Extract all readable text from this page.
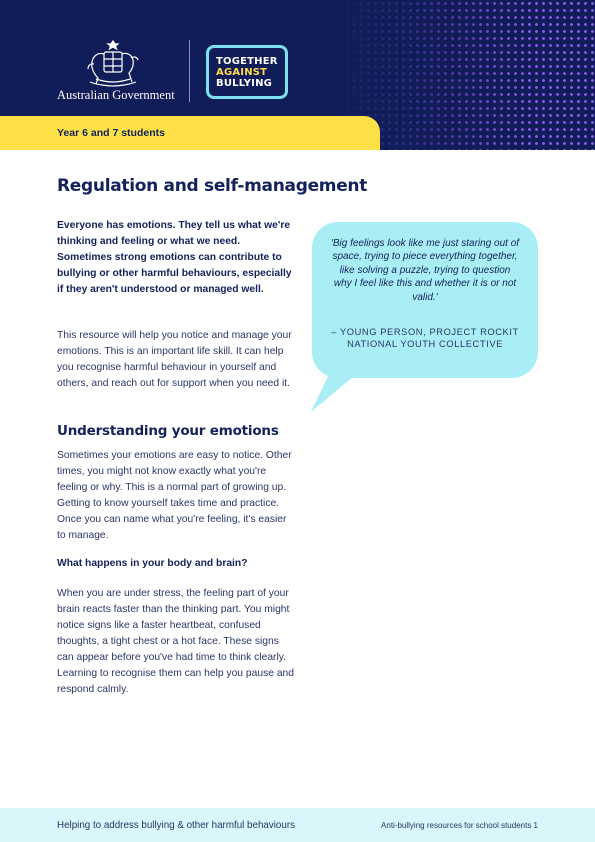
Australian Government
TOGETHER
AGAINST
BULLYING
Year 6 and 7 students
Regulation and self-management

Everyone has emotions. They tell us what we're thinking and feeling or what we need. Sometimes strong emotions can contribute to bullying or other harmful behaviours, especially if they aren't understood or managed well.

This resource will help you notice and manage your emotions. This is an important life skill. It can help you recognise harmful behaviour in yourself and others, and reach out for support when you need it.

Understanding your emotions

Sometimes your emotions are easy to notice. Other times, you might not know exactly what you're feeling or why. This is a normal part of growing up. Getting to know yourself takes time and practice. Once you can name what you're feeling, it's easier to manage.

What happens in your body and brain?

When you are under stress, the feeling part of your brain reacts faster than the thinking part. You might notice signs like a faster heartbeat, confused thoughts, a tight chest or a hot face. These signs can appear before you've had time to think clearly. Learning to recognise them can help you pause and respond calmly.

'Big feelings look like me just staring out of space, trying to piece everything together, like solving a puzzle, trying to question why I feel like this and whether it is or not valid.'

– YOUNG PERSON, PROJECT ROCKIT NATIONAL YOUTH COLLECTIVE

Helping to address bullying & other harmful behaviours	Anti-bullying resources for school students 1
